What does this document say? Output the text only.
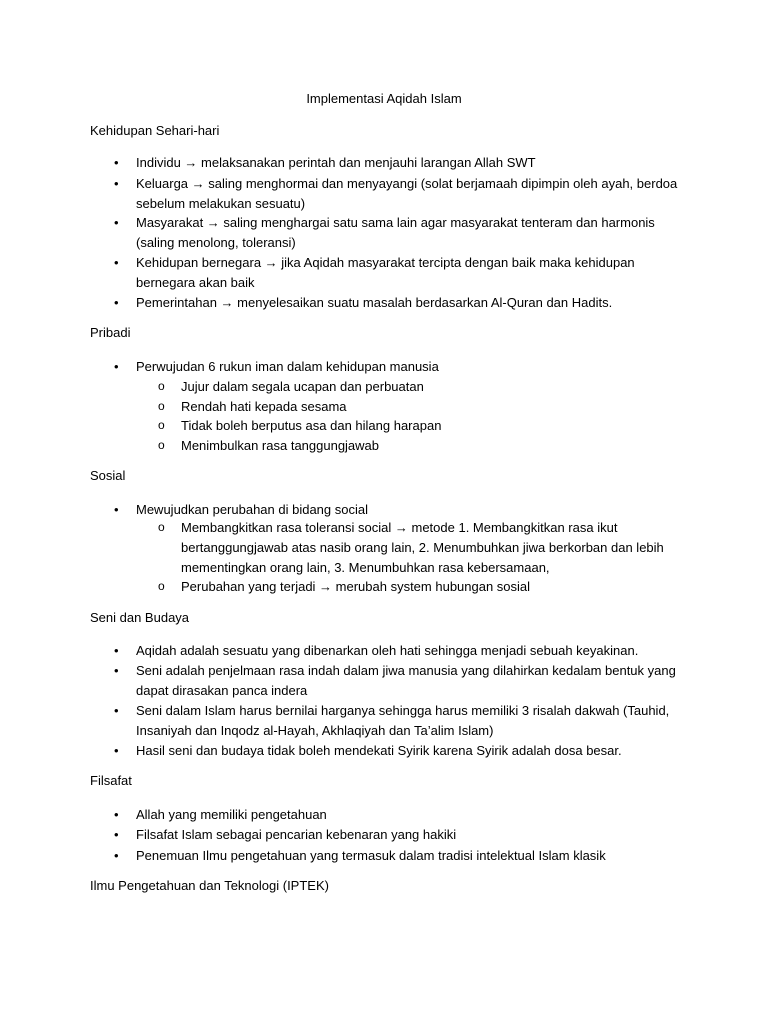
Implementasi Aqidah Islam
Kehidupan Sehari-hari
• Individu → melaksanakan perintah dan menjauhi larangan Allah SWT
• Keluarga → saling menghormai dan menyayangi (solat berjamaah dipimpin oleh ayah, berdoa sebelum melakukan sesuatu)
• Masyarakat → saling menghargai satu sama lain agar masyarakat tenteram dan harmonis (saling menolong, toleransi)
• Kehidupan bernegara → jika Aqidah masyarakat tercipta dengan baik maka kehidupan bernegara akan baik
• Pemerintahan → menyelesaikan suatu masalah berdasarkan Al-Quran dan Hadits.
Pribadi
• Perwujudan 6 rukun iman dalam kehidupan manusia
o Jujur dalam segala ucapan dan perbuatan
o Rendah hati kepada sesama
o Tidak boleh berputus asa dan hilang harapan
o Menimbulkan rasa tanggungjawab
Sosial
• Mewujudkan perubahan di bidang social
o Membangkitkan rasa toleransi social → metode 1. Membangkitkan rasa ikut bertanggungjawab atas nasib orang lain, 2. Menumbuhkan jiwa berkorban dan lebih mementingkan orang lain, 3. Menumbuhkan rasa kebersamaan,
o Perubahan yang terjadi → merubah system hubungan sosial
Seni dan Budaya
• Aqidah adalah sesuatu yang dibenarkan oleh hati sehingga menjadi sebuah keyakinan.
• Seni adalah penjelmaan rasa indah dalam jiwa manusia yang dilahirkan kedalam bentuk yang dapat dirasakan panca indera
• Seni dalam Islam harus bernilai harganya sehingga harus memiliki 3 risalah dakwah (Tauhid, Insaniyah dan Inqodz al-Hayah, Akhlaqiyah dan Ta’alim Islam)
• Hasil seni dan budaya tidak boleh mendekati Syirik karena Syirik adalah dosa besar.
Filsafat
• Allah yang memiliki pengetahuan
• Filsafat Islam sebagai pencarian kebenaran yang hakiki
• Penemuan Ilmu pengetahuan yang termasuk dalam tradisi intelektual Islam klasik
Ilmu Pengetahuan dan Teknologi (IPTEK)
